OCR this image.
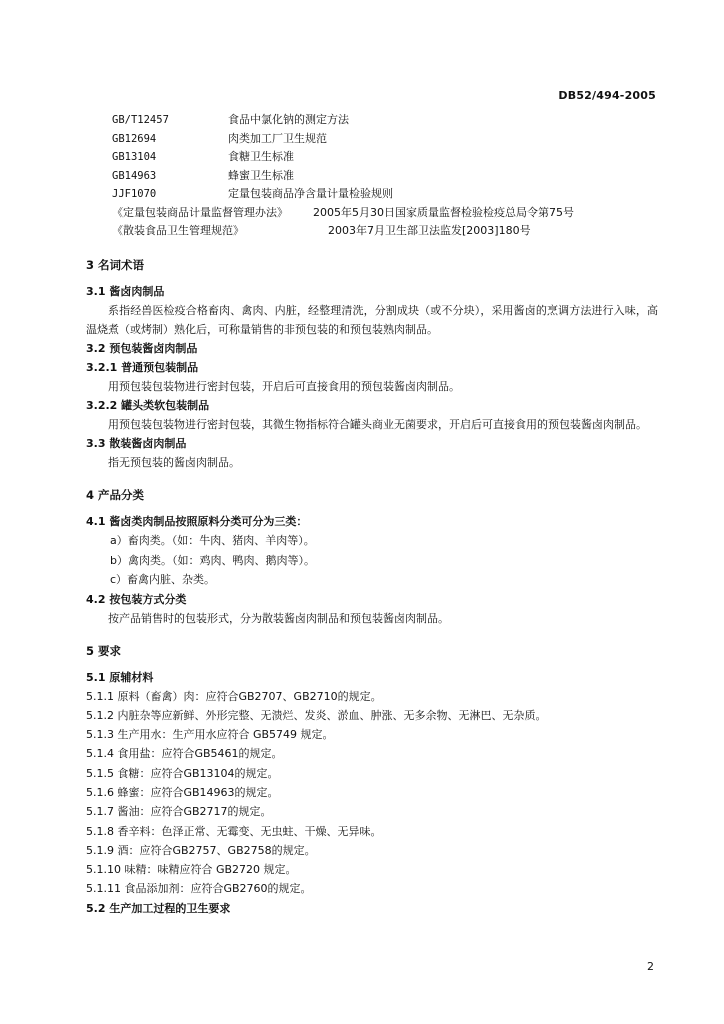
DB52/494-2005
GB/T12457	食品中氯化钠的测定方法
GB12694	肉类加工厂卫生规范
GB13104	食糖卫生标准
GB14963	蜂蜜卫生标准
JJF1070	定量包装商品净含量计量检验规则
《定量包装商品计量监督管理办法》 2005年5月30日国家质量监督检验检疫总局令第75号
《散装食品卫生管理规范》	2003年7月卫生部卫法监发[2003]180号
3 名词术语
3.1 酱卤肉制品
系指经兽医检疫合格畜肉、禽肉、内脏，经整理清洗，分割成块（或不分块），采用酱卤的烹调方法进行入味，高温烧煮（或烤制）熟化后，可称量销售的非预包装的和预包装熟肉制品。
3.2 预包装酱卤肉制品
3.2.1 普通预包装制品
用预包装包装物进行密封包装，开启后可直接食用的预包装酱卤肉制品。
3.2.2 罐头类软包装制品
用预包装包装物进行密封包装，其微生物指标符合罐头商业无菌要求，开启后可直接食用的预包装酱卤肉制品。
3.3 散装酱卤肉制品
指无预包装的酱卤肉制品。
4 产品分类
4.1 酱卤类肉制品按照原料分类可分为三类：
a）畜肉类。（如：牛肉、猪肉、羊肉等）。
b）禽肉类。（如：鸡肉、鸭肉、鹅肉等）。
c）畜禽内脏、杂类。
4.2 按包装方式分类
按产品销售时的包装形式，分为散装酱卤肉制品和预包装酱卤肉制品。
5 要求
5.1 原辅材料
5.1.1 原料（畜禽）肉：应符合GB2707、GB2710的规定。
5.1.2 内脏杂等应新鲜、外形完整、无溃烂、发炎、淤血、肿涨、无多余物、无淋巴、无杂质。
5.1.3 生产用水：生产用水应符合 GB5749 规定。
5.1.4 食用盐：应符合GB5461的规定。
5.1.5 食糖：应符合GB13104的规定。
5.1.6 蜂蜜：应符合GB14963的规定。
5.1.7 酱油：应符合GB2717的规定。
5.1.8 香辛料：色泽正常、无霉变、无虫蛀、干燥、无异味。
5.1.9 酒：应符合GB2757、GB2758的规定。
5.1.10 味精：味精应符合 GB2720 规定。
5.1.11 食品添加剂：应符合GB2760的规定。
5.2 生产加工过程的卫生要求
2
